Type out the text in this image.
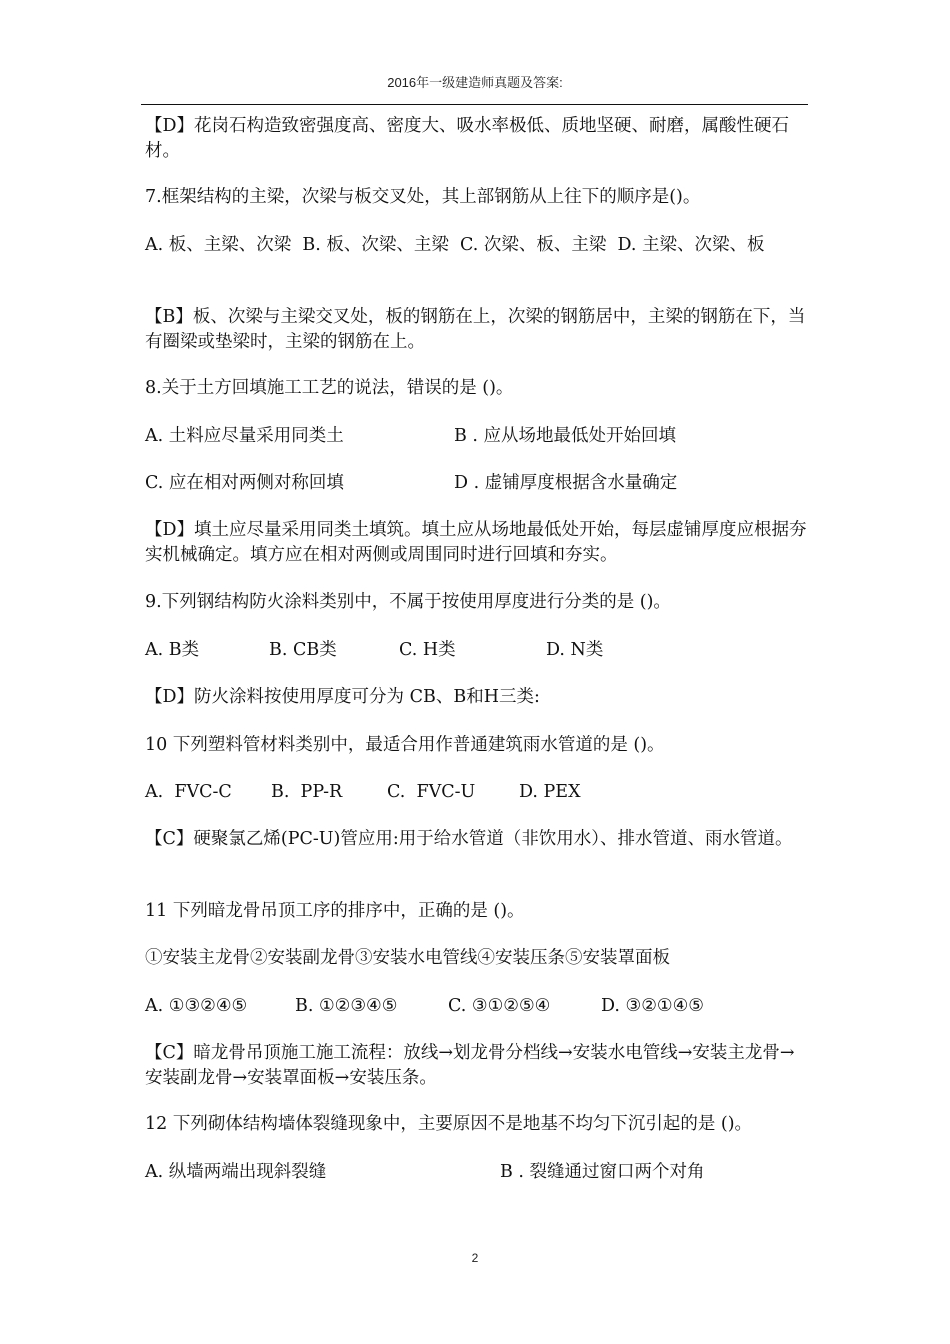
2016年一级建造师真题及答案:

【D】花岗石构造致密强度高、密度大、吸水率极低、质地坚硬、耐磨，属酸性硬石材。

7.框架结构的主梁，次梁与板交叉处，其上部钢筋从上往下的顺序是()。

A. 板、主梁、次梁  B. 板、次梁、主梁  C. 次梁、板、主梁  D. 主梁、次梁、板

【B】板、次梁与主梁交叉处，板的钢筋在上，次梁的钢筋居中，主梁的钢筋在下，当有圈梁或垫梁时，主梁的钢筋在上。

8.关于土方回填施工工艺的说法，错误的是 ()。

A. 土料应尽量采用同类土	B . 应从场地最低处开始回填
C. 应在相对两侧对称回填	D . 虚铺厚度根据含水量确定

【D】填土应尽量采用同类土填筑。填土应从场地最低处开始，每层虚铺厚度应根据夯实机械确定。填方应在相对两侧或周围同时进行回填和夯实。

9.下列钢结构防火涂料类别中，不属于按使用厚度进行分类的是 ()。

A. B类	B. CB类	C. H类	D. N类

【D】防火涂料按使用厚度可分为 CB、B和H三类:

10 下列塑料管材料类别中，最适合用作普通建筑雨水管道的是 ()。

A.  FVC-C B.  PP-R	C.  FVC-U D. PEX

【C】硬聚氯乙烯(PC-U)管应用:用于给水管道（非饮用水）、排水管道、雨水管道。

11 下列暗龙骨吊顶工序的排序中，正确的是 ()。

①安装主龙骨②安装副龙骨③安装水电管线④安装压条⑤安装罩面板

A. ①③②④⑤	B. ①②③④⑤	C. ③①②⑤④	D. ③②①④⑤

【C】暗龙骨吊顶施工施工流程：放线→划龙骨分档线→安装水电管线→安装主龙骨→安装副龙骨→安装罩面板→安装压条。

12 下列砌体结构墙体裂缝现象中，主要原因不是地基不均匀下沉引起的是 ()。

A. 纵墙两端出现斜裂缝	B . 裂缝通过窗口两个对角
2
